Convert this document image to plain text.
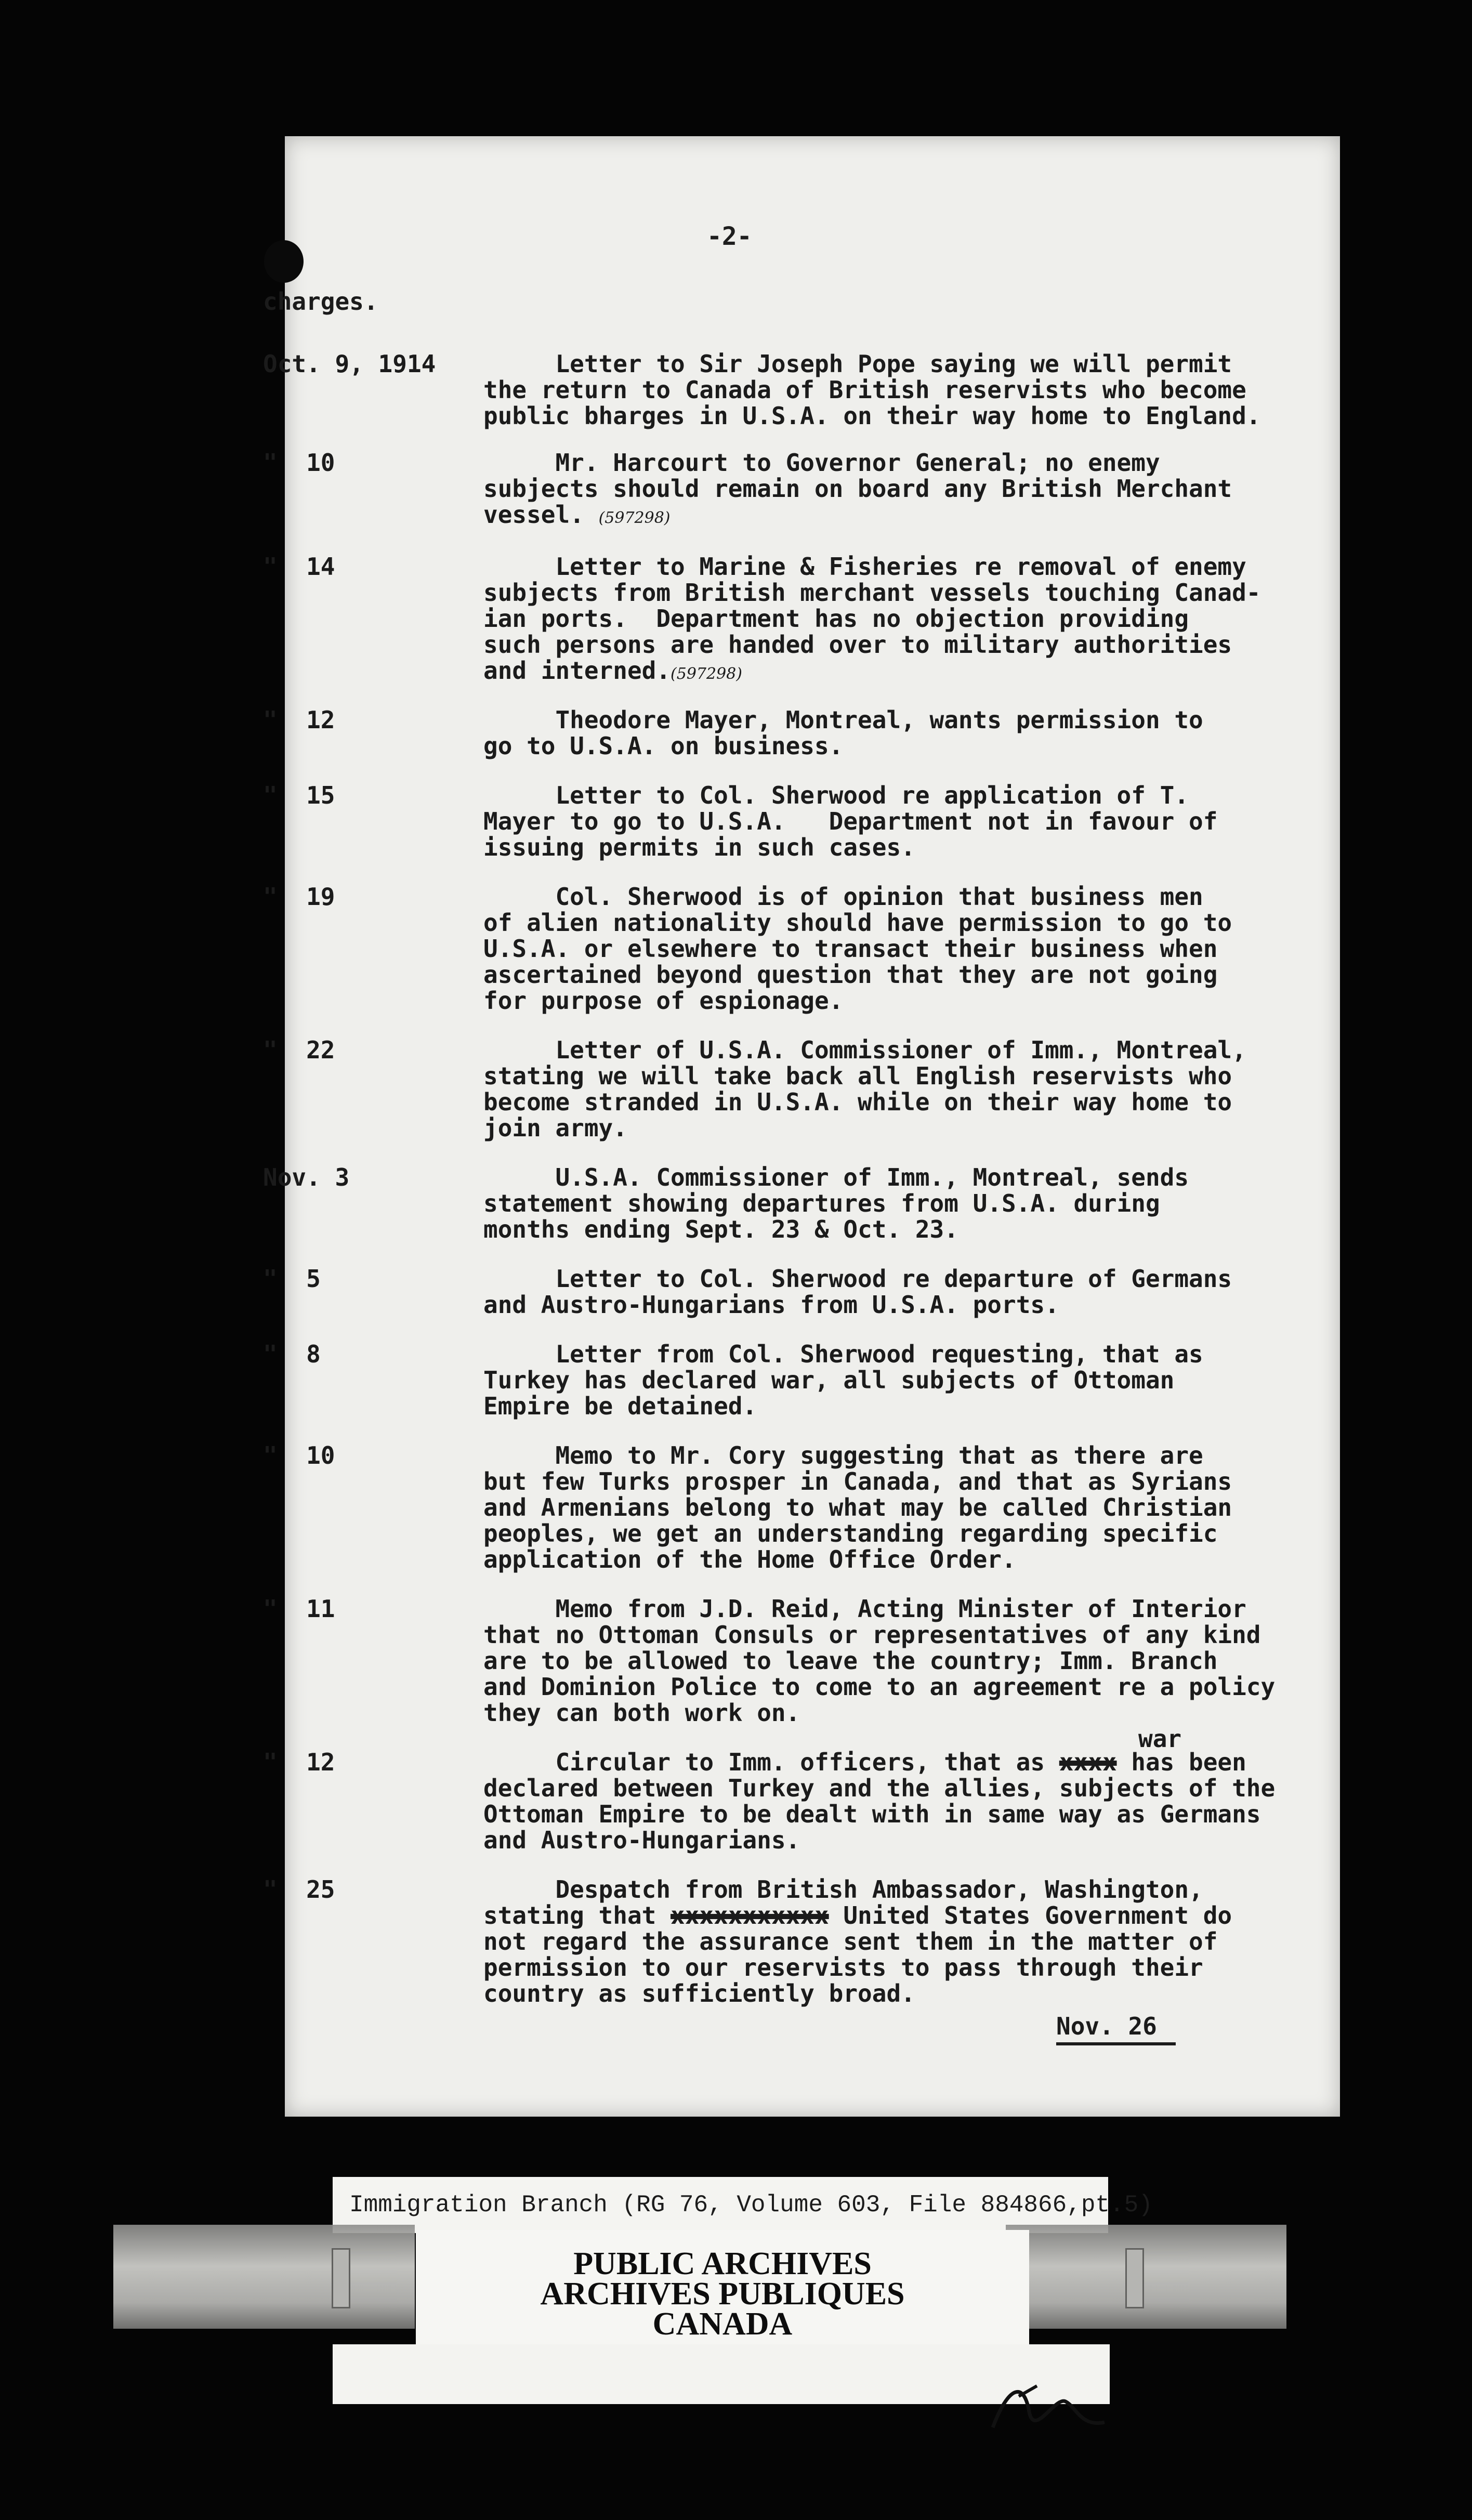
-2-
charges.
Oct. 9, 1914 Letter to Sir Joseph Pope saying we will permit
the return to Canada of British reservists who become
public bharges in U.S.A. on their way home to England.
"  10	Mr. Harcourt to Governor General; no enemy
subjects should remain on board any British Merchant
vessel. (597298)
"  14	Letter to Marine & Fisheries re removal of enemy
subjects from British merchant vessels touching Canad-
ian ports.  Department has no objection providing
such persons are handed over to military authorities
and interned.(597298)
"  12	Theodore Mayer, Montreal, wants permission to
go to U.S.A. on business.
"  15	Letter to Col. Sherwood re application of T.
Mayer to go to U.S.A.   Department not in favour of
issuing permits in such cases.
"  19	Col. Sherwood is of opinion that business men
of alien nationality should have permission to go to
U.S.A. or elsewhere to transact their business when
ascertained beyond question that they are not going
for purpose of espionage.
"  22	Letter of U.S.A. Commissioner of Imm., Montreal,
stating we will take back all English reservists who
become stranded in U.S.A. while on their way home to
join army.
Nov. 3	U.S.A. Commissioner of Imm., Montreal, sends
statement showing departures from U.S.A. during
months ending Sept. 23 & Oct. 23.
"  5	Letter to Col. Sherwood re departure of Germans
and Austro-Hungarians from U.S.A. ports.
"  8	Letter from Col. Sherwood requesting, that as
Turkey has declared war, all subjects of Ottoman
Empire be detained.
"  10	Memo to Mr. Cory suggesting that as there are
but few Turks prosper in Canada, and that as Syrians
and Armenians belong to what may be called Christian
peoples, we get an understanding regarding specific
application of the Home Office Order.
"  11	Memo from J.D. Reid, Acting Minister of Interior
that no Ottoman Consuls or representatives of any kind
are to be allowed to leave the country; Imm. Branch
and Dominion Police to come to an agreement re a policy
they can both work on.
war
"  12	Circular to Imm. officers, that as xxxx has been
declared between Turkey and the allies, subjects of the
Ottoman Empire to be dealt with in same way as Germans
and Austro-Hungarians.
"  25	Despatch from British Ambassador, Washington,
stating that xxxxxxxxxxx United States Government do
not regard the assurance sent them in the matter of
permission to our reservists to pass through their
country as sufficiently broad.
Nov. 26
Immigration Branch (RG 76, Volume 603, File 884866,pt.5)
PUBLIC ARCHIVES
ARCHIVES PUBLIQUES
CANADA
